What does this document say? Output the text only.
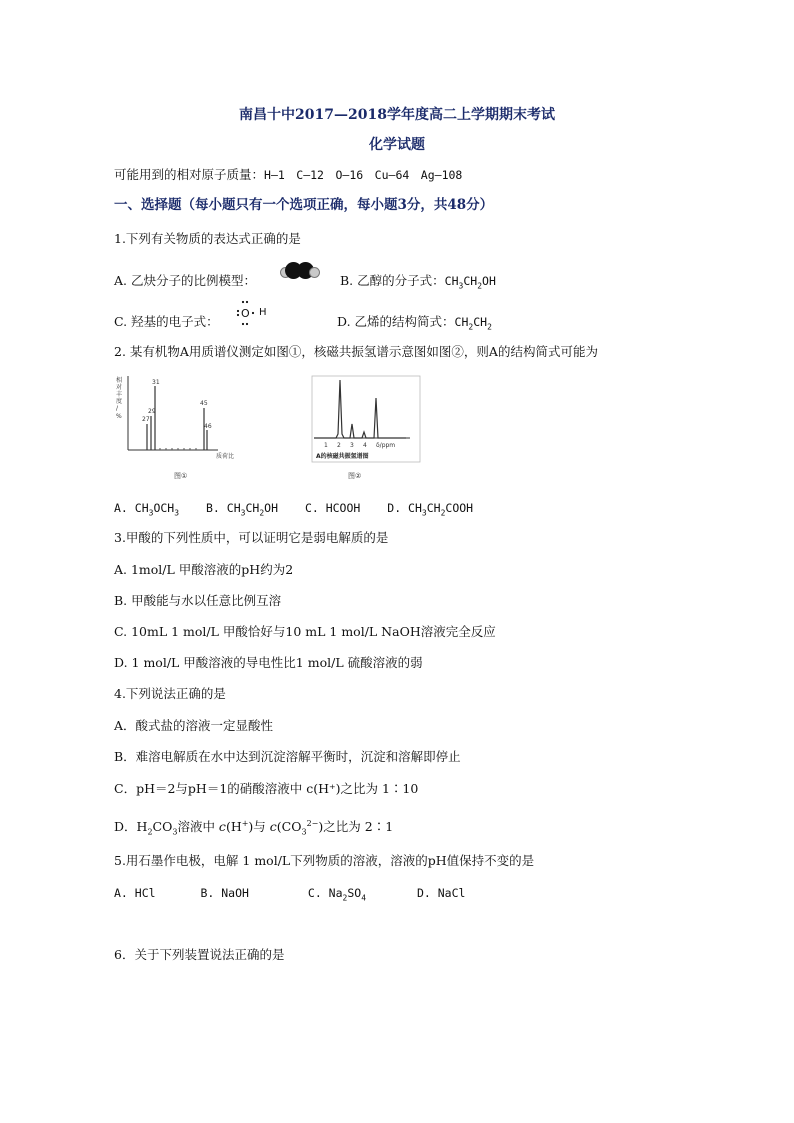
南昌十中2017—2018学年度高二上学期期末考试
化学试题
可能用到的相对原子质量：H—1　C—12　O—16　Cu—64　Ag—108
一、选择题（每小题只有一个选项正确，每小题3分，共48分）
1.下列有关物质的表达式正确的是
A. 乙炔分子的比例模型：	B. 乙醇的分子式：$CH_3CH_2OH$
C. 羟基的电子式：
O H
D. 乙烯的结构简式：$CH_2CH_2$
2. 某有机物A用质谱仪测定如图①，核磁共振氢谱示意图如图②，则A的结构简式可能为
相
对
丰
度
/
%
31
29
27
45
46
质荷比
图①
1 2 3 4 δ/ppm
A的核磁共振氢谱图
图②
A. $CH_3OCH_3$ B. $CH_3CH_2OH$ C. HCOOH D. $CH_3CH_2COOH$
3.甲酸的下列性质中，可以证明它是弱电解质的是
A. 1mol/L 甲酸溶液的pH约为2
B. 甲酸能与水以任意比例互溶
C. 10mL 1 mol/L 甲酸恰好与10 mL 1 mol/L NaOH溶液完全反应
D. 1 mol/L 甲酸溶液的导电性比1 mol/L 硫酸溶液的弱
4.下列说法正确的是
A．酸式盐的溶液一定显酸性
B．难溶电解质在水中达到沉淀溶解平衡时，沉淀和溶解即停止
C．pH＝2与pH＝1的硝酸溶液中 c(H⁺)之比为 1∶10
D．$H_2CO_3$溶液中 c(H+)与 $c(CO_3^{2-})$之比为 2∶1
5.用石墨作电极，电解 1 mol/L下列物质的溶液，溶液的pH值保持不变的是
A. HCl	B. NaOH	C. $Na_2SO_4$	D. NaCl
6．关于下列装置说法正确的是
